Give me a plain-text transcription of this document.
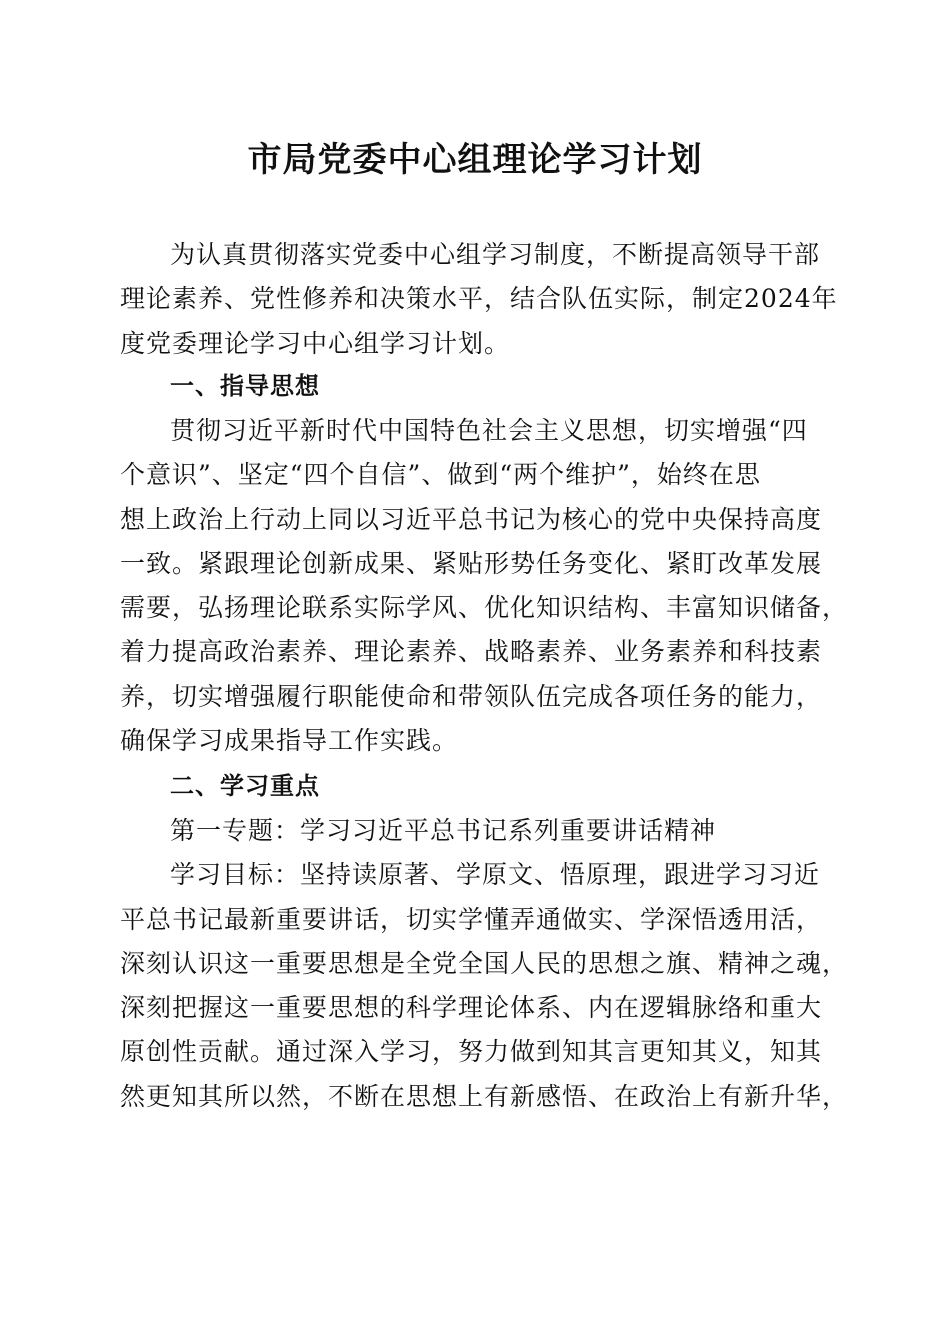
市局党委中心组理论学习计划
为认真贯彻落实党委中心组学习制度，不断提高领导干部
理论素养、党性修养和决策水平，结合队伍实际，制定2024年
度党委理论学习中心组学习计划。
一、指导思想
贯彻习近平新时代中国特色社会主义思想，切实增强“四
个意识”、坚定“四个自信”、做到“两个维护”，始终在思
想上政治上行动上同以习近平总书记为核心的党中央保持高度
一致。紧跟理论创新成果、紧贴形势任务变化、紧盯改革发展
需要，弘扬理论联系实际学风、优化知识结构、丰富知识储备，
着力提高政治素养、理论素养、战略素养、业务素养和科技素
养，切实增强履行职能使命和带领队伍完成各项任务的能力，
确保学习成果指导工作实践。
二、学习重点
第一专题：学习习近平总书记系列重要讲话精神
学习目标：坚持读原著、学原文、悟原理，跟进学习习近
平总书记最新重要讲话，切实学懂弄通做实、学深悟透用活，
深刻认识这一重要思想是全党全国人民的思想之旗、精神之魂，
深刻把握这一重要思想的科学理论体系、内在逻辑脉络和重大
原创性贡献。通过深入学习，努力做到知其言更知其义，知其
然更知其所以然，不断在思想上有新感悟、在政治上有新升华，
